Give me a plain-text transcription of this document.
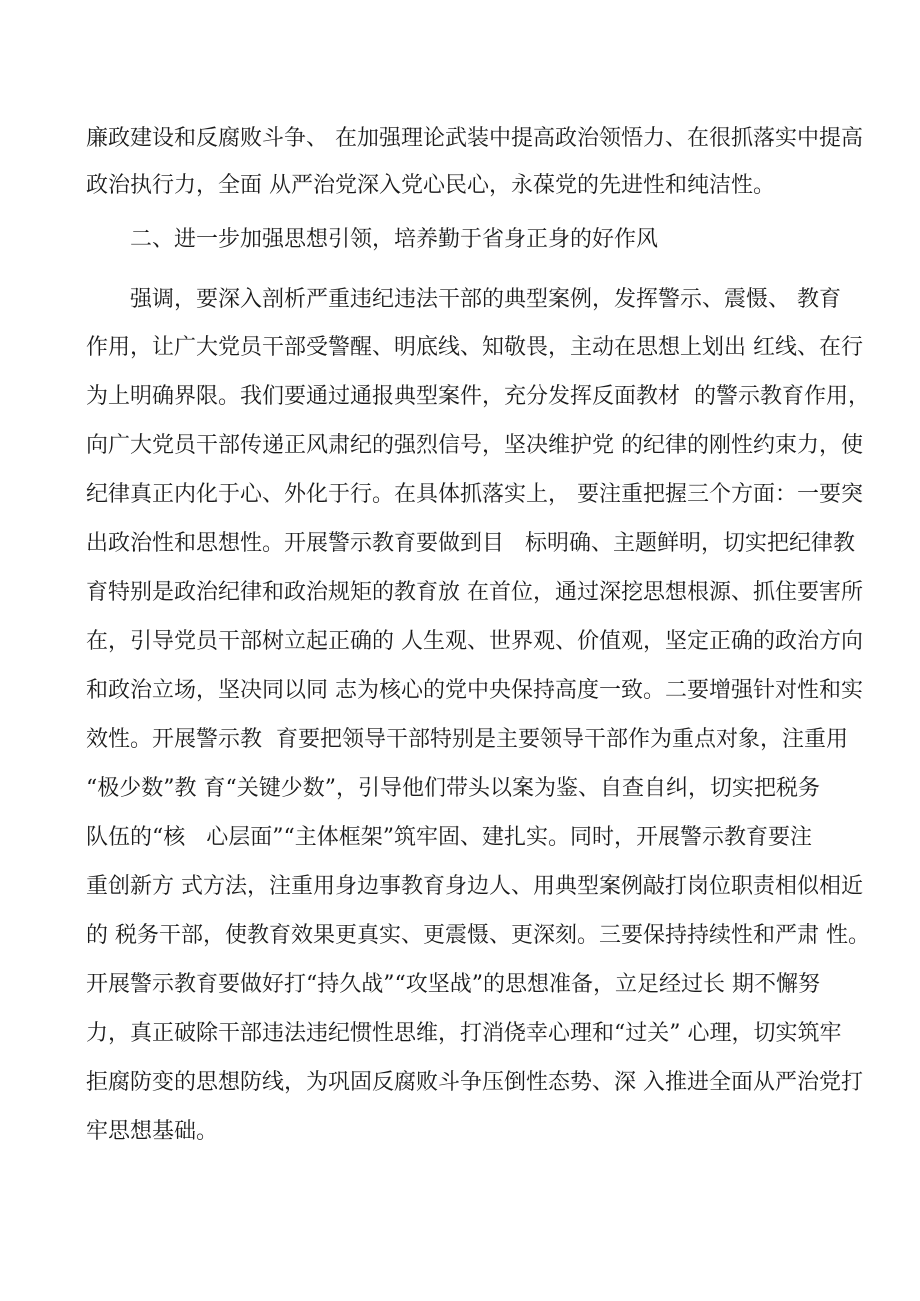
廉政建设和反腐败斗争、 在加强理论武装中提高政治领悟力、在很抓落实中提高
政治执行力，全面 从严治党深入党心民心，永葆党的先进性和纯洁性。
二、进一步加强思想引领，培养勤于省身正身的好作风
强调，要深入剖析严重违纪违法干部的典型案例，发挥警示、震慑、 教育
作用，让广大党员干部受警醒、明底线、知敬畏，主动在思想上划出 红线、在行
为上明确界限。我们要通过通报典型案件，充分发挥反面教材  的警示教育作用，
向广大党员干部传递正风肃纪的强烈信号，坚决维护党 的纪律的刚性约束力，使
纪律真正内化于心、外化于行。在具体抓落实上， 要注重把握三个方面：一要突
出政治性和思想性。开展警示教育要做到目   标明确、主题鲜明，切实把纪律教
育特别是政治纪律和政治规矩的教育放 在首位，通过深挖思想根源、抓住要害所
在，引导党员干部树立起正确的 人生观、世界观、价值观，坚定正确的政治方向
和政治立场，坚决同以同 志为核心的党中央保持高度一致。二要增强针对性和实
效性。开展警示教  育要把领导干部特别是主要领导干部作为重点对象，注重用
“极少数”教 育“关键少数”，引导他们带头以案为鉴、自查自纠，切实把税务
队伍的“核   心层面”“主体框架”筑牢固、建扎实。同时，开展警示教育要注
重创新方 式方法，注重用身边事教育身边人、用典型案例敲打岗位职责相似相近
的 税务干部，使教育效果更真实、更震慑、更深刻。三要保持持续性和严肃 性。
开展警示教育要做好打“持久战”“攻坚战”的思想准备，立足经过长 期不懈努
力，真正破除干部违法违纪惯性思维，打消侥幸心理和“过关” 心理，切实筑牢
拒腐防变的思想防线，为巩固反腐败斗争压倒性态势、深 入推进全面从严治党打
牢思想基础。
